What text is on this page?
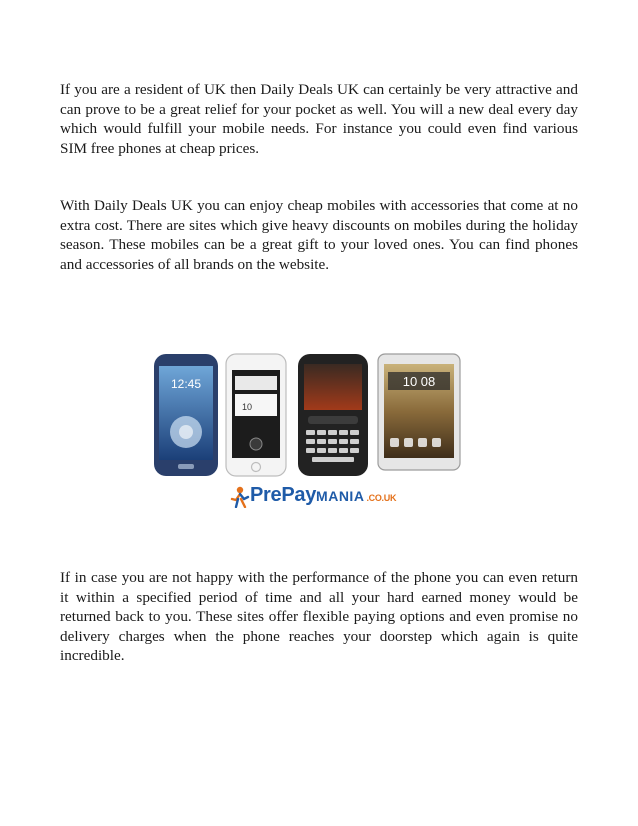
If you are a resident of UK then Daily Deals UK can certainly be very attractive and can prove to be a great relief for your pocket as well. You will a new deal every day which would fulfill your mobile needs. For instance you could even find various SIM free phones at cheap prices.

With Daily Deals UK you can enjoy cheap mobiles with accessories that come at no extra cost. There are sites which give heavy discounts on mobiles during the holiday season. These mobiles can be a great gift to your loved ones. You can find phones and accessories of all brands on the website.

12:45
10
10 08
PrePayMANIA .CO.UK

If in case you are not happy with the performance of the phone you can even return it within a specified period of time and all your hard earned money would be returned back to you. These sites offer flexible paying options and even promise no delivery charges when the phone reaches your doorstep which again is quite incredible.
